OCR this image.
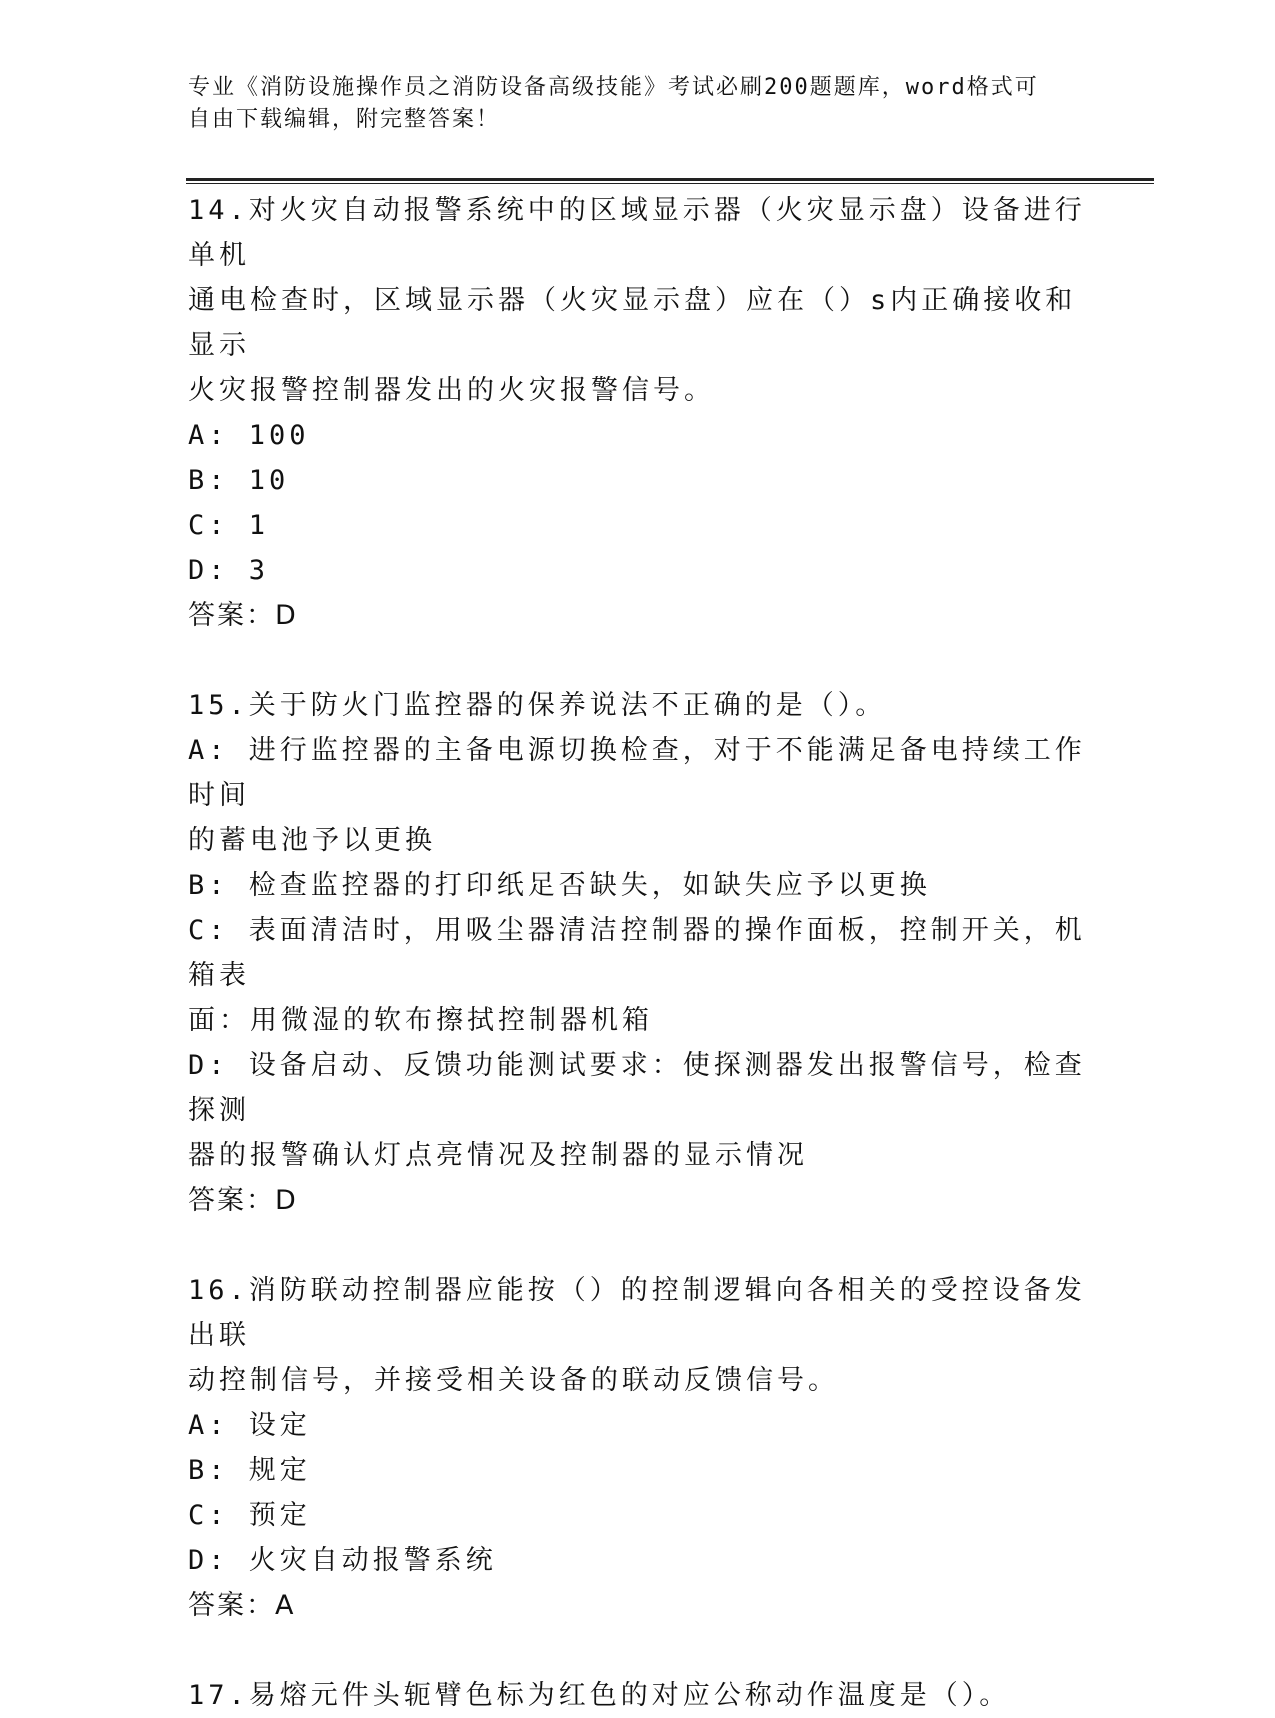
专业《消防设施操作员之消防设备高级技能》考试必刷200题题库，word格式可
自由下载编辑，附完整答案！
14.对火灾自动报警系统中的区域显示器（火灾显示盘）设备进行单机
通电检查时，区域显示器（火灾显示盘）应在（）s内正确接收和显示
火灾报警控制器发出的火灾报警信号。
A: 100
B: 10
C: 1
D: 3
答案：D
15.关于防火门监控器的保养说法不正确的是（）。
A: 进行监控器的主备电源切换检查，对于不能满足备电持续工作时间
的蓄电池予以更换
B: 检查监控器的打印纸足否缺失，如缺失应予以更换
C: 表面清洁时，用吸尘器清洁控制器的操作面板，控制开关，机箱表
面：用微湿的软布擦拭控制器机箱
D: 设备启动、反馈功能测试要求：使探测器发出报警信号，检查探测
器的报警确认灯点亮情况及控制器的显示情况
答案：D
16.消防联动控制器应能按（）的控制逻辑向各相关的受控设备发出联
动控制信号，并接受相关设备的联动反馈信号。
A: 设定
B: 规定
C: 预定
D: 火灾自动报警系统
答案：A
17.易熔元件头轭臂色标为红色的对应公称动作温度是（）。
